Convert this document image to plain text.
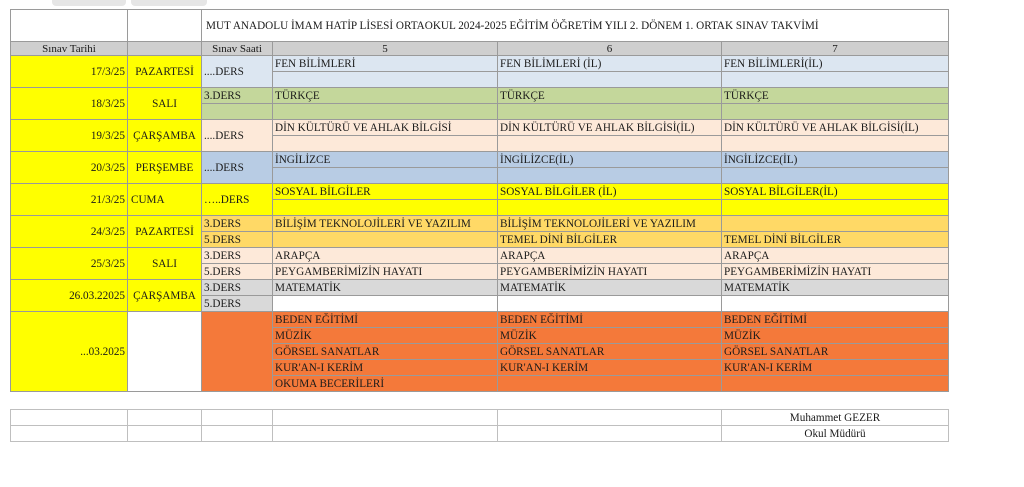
		MUT ANADOLU İMAM HATİP LİSESİ ORTAOKUL 2024-2025 EĞİTİM ÖĞRETİM YILI 2. DÖNEM 1. ORTAK SINAV TAKVİMİ			
Sınav Tarihi		Sınav Saati	5	6	7
17/3/25	PAZARTESİ	....DERS	FEN BİLİMLERİ	FEN BİLİMLERİ (İL)	FEN BİLİMLERİ(İL)

18/3/25	SALI	3.DERS	TÜRKÇE	TÜRKÇE	TÜRKÇE

19/3/25	ÇARŞAMBA	....DERS	DİN KÜLTÜRÜ VE AHLAK BİLGİSİ	DİN KÜLTÜRÜ VE AHLAK BİLGİSİ(İL)	DİN KÜLTÜRÜ VE AHLAK BİLGİSİ(İL)

20/3/25	PERŞEMBE	....DERS	İNGİLİZCE	İNGİLİZCE(İL)	İNGİLİZCE(İL)

21/3/25	CUMA	…..DERS	SOSYAL BİLGİLER	SOSYAL BİLGİLER (İL)	SOSYAL BİLGİLER(İL)

24/3/25	PAZARTESİ	3.DERS	BİLİŞİM TEKNOLOJİLERİ VE YAZILIM	BİLİŞİM TEKNOLOJİLERİ VE YAZILIM	
		5.DERS		TEMEL DİNİ BİLGİLER	TEMEL DİNİ BİLGİLER
25/3/25	SALI	3.DERS	ARAPÇA	ARAPÇA	ARAPÇA
		5.DERS	PEYGAMBERİMİZİN HAYATI	PEYGAMBERİMİZİN HAYATI	PEYGAMBERİMİZİN HAYATI
26.03.22025	ÇARŞAMBA	3.DERS	MATEMATİK	MATEMATİK	MATEMATİK
		5.DERS			
...03.2025			BEDEN EĞİTİMİ	BEDEN EĞİTİMİ	BEDEN EĞİTİMİ
			MÜZİK	MÜZİK	MÜZİK
			GÖRSEL SANATLAR	GÖRSEL SANATLAR	GÖRSEL SANATLAR
			KUR'AN-I KERİM	KUR'AN-I KERİM	KUR'AN-I KERİM
			OKUMA BECERİLERİ		
					Muhammet GEZER
					Okul Müdürü
